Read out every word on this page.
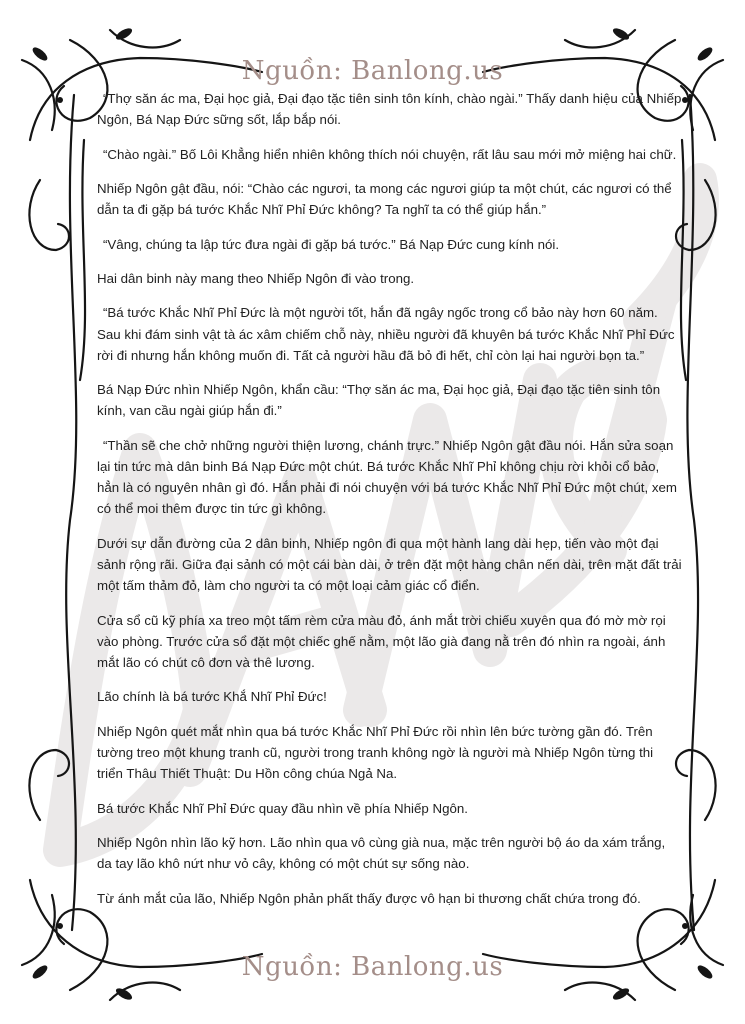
Nguồn: Banlong.us

“Thợ săn ác ma, Đại học giả, Đại đạo tặc tiên sinh tôn kính, chào ngài.” Thấy danh hiệu của Nhiếp Ngôn, Bá Nạp Đức sững sốt, lắp bắp nói.

“Chào ngài.” Bố Lôi Khẳng hiển nhiên không thích nói chuyện, rất lâu sau mới mở miệng hai chữ.

Nhiếp Ngôn gật đầu, nói: “Chào các ngươi, ta mong các ngươi giúp ta một chút, các ngươi có thể dẫn ta đi gặp bá tước Khắc Nhĩ Phỉ Đức không? Ta nghĩ ta có thể giúp hắn.”

“Vâng, chúng ta lập tức đưa ngài đi gặp bá tước.” Bá Nạp Đức cung kính nói.

Hai dân binh này mang theo Nhiếp Ngôn đi vào trong.

“Bá tước Khắc Nhĩ Phỉ Đức là một người tốt, hắn đã ngây ngốc trong cổ bảo này hơn 60 năm. Sau khi đám sinh vật tà ác xâm chiếm chỗ này, nhiều người đã khuyên bá tước Khắc Nhĩ Phỉ Đức rời đi nhưng hắn không muốn đi. Tất cả người hầu đã bỏ đi hết, chỉ còn lại hai người bọn ta.”

Bá Nạp Đức nhìn Nhiếp Ngôn, khẩn cầu: “Thợ săn ác ma, Đại học giả, Đại đạo tặc tiên sinh tôn kính, van cầu ngài giúp hắn đi.”

“Thần sẽ che chở những người thiện lương, chánh trực.” Nhiếp Ngôn gật đầu nói. Hắn sửa soạn lại tin tức mà dân binh Bá Nạp Đức một chút. Bá tước Khắc Nhĩ Phỉ không chịu rời khỏi cổ bảo, hẳn là có nguyên nhân gì đó. Hắn phải đi nói chuyện với bá tước Khắc Nhĩ Phỉ Đức một chút, xem có thể moi thêm được tin tức gì không.

Dưới sự dẫn đường của 2 dân binh, Nhiếp ngôn đi qua một hành lang dài hẹp, tiến vào một đại sảnh rộng rãi. Giữa đại sảnh có một cái bàn dài, ở trên đặt một hàng chân nến dài, trên mặt đất trải một tấm thảm đỏ, làm cho người ta có một loại cảm giác cổ điển.

Cửa sổ cũ kỹ phía xa treo một tấm rèm cửa màu đỏ, ánh mắt trời chiếu xuyên qua đó mờ mờ rọi vào phòng. Trước cửa sổ đặt một chiếc ghế nằm, một lão già đang nằ trên đó nhìn ra ngoài, ánh mắt lão có chút cô đơn và thê lương.

Lão chính là bá tước Khắ Nhĩ Phỉ Đức!

Nhiếp Ngôn quét mắt nhìn qua bá tước Khắc Nhĩ Phỉ Đức rồi nhìn lên bức tường gần đó. Trên tường treo một khung tranh cũ, người trong tranh không ngờ là người mà Nhiếp Ngôn từng thi triển Thâu Thiết Thuật: Du Hồn công chúa Ngả Na.

Bá tước Khắc Nhĩ Phỉ Đức quay đầu nhìn về phía Nhiếp Ngôn.

Nhiếp Ngôn nhìn lão kỹ hơn. Lão nhìn qua vô cùng già nua, mặc trên người bộ áo da xám trắng, da tay lão khô nứt như vỏ cây, không có một chút sự sống nào.

Từ ánh mắt của lão, Nhiếp Ngôn phản phất thấy được vô hạn bi thương chất chứa trong đó.

Nguồn: Banlong.us
